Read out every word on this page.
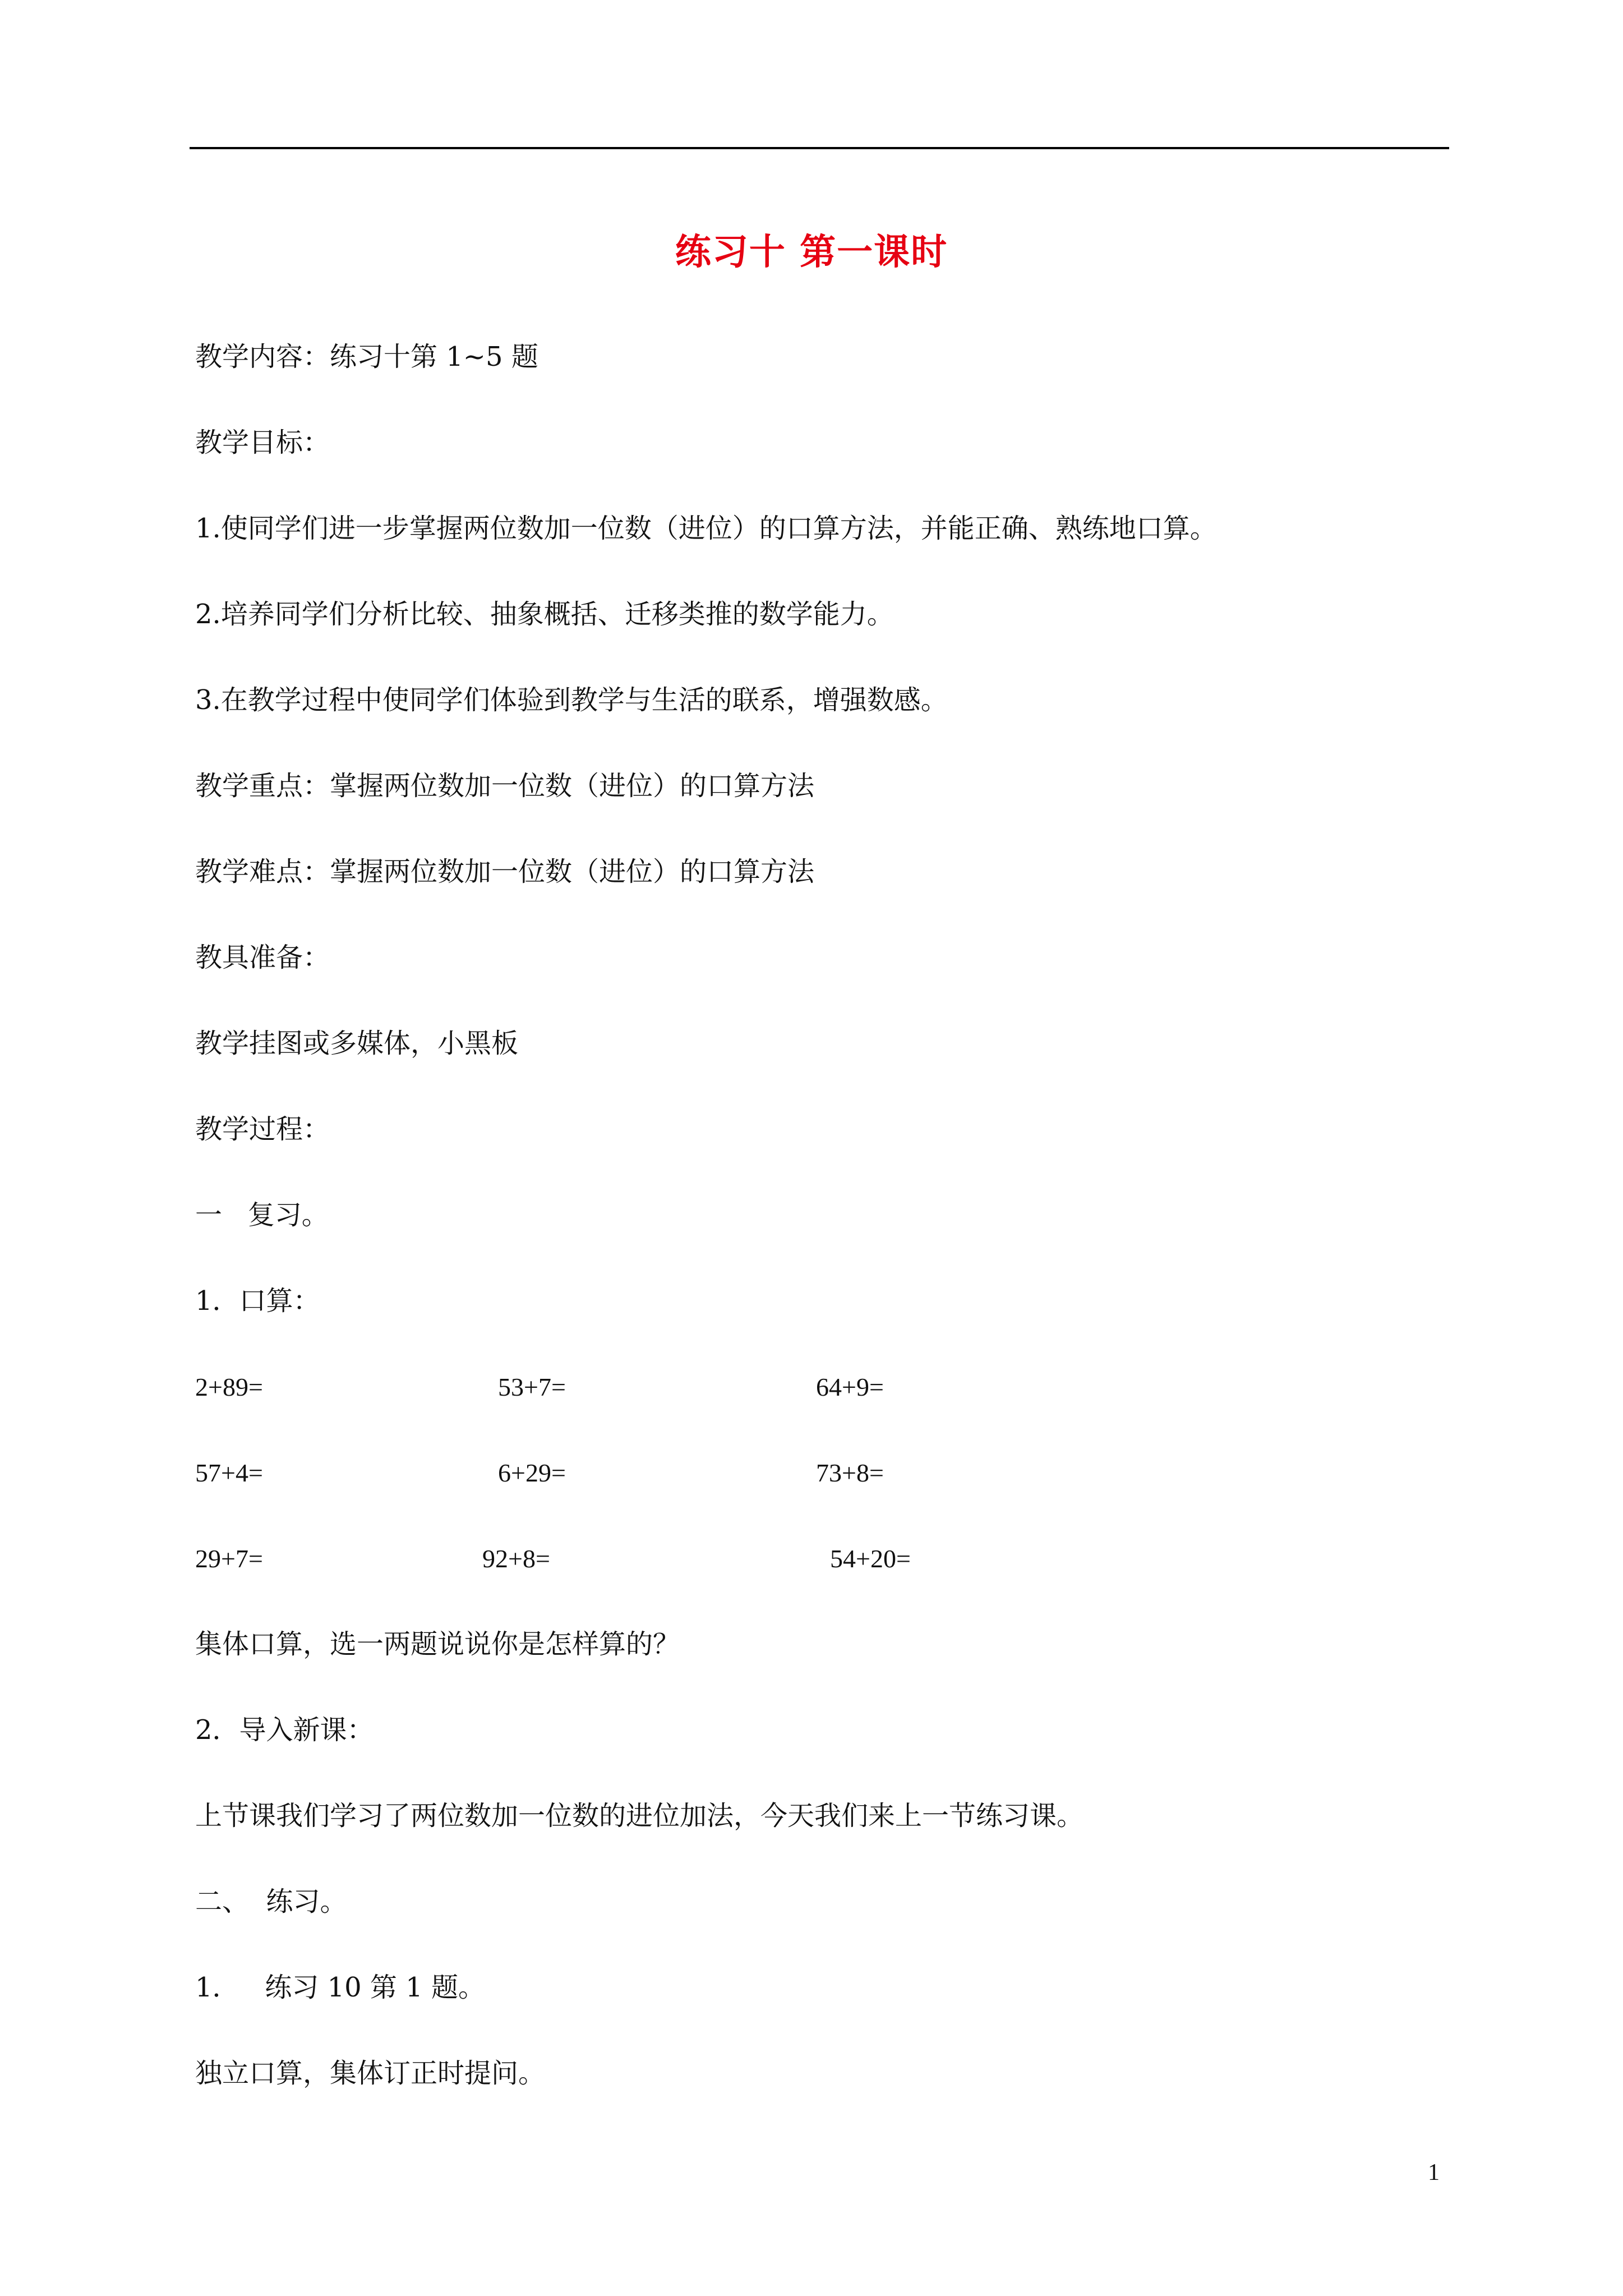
练习十 第一课时
教学内容：练习十第 1~5 题
教学目标：
1.使同学们进一步掌握两位数加一位数（进位）的口算方法，并能正确、熟练地口算。
2.培养同学们分析比较、抽象概括、迁移类推的数学能力。
3.在教学过程中使同学们体验到教学与生活的联系，增强数感。
教学重点：掌握两位数加一位数（进位）的口算方法
教学难点：掌握两位数加一位数（进位）的口算方法
教具准备：
教学挂图或多媒体，小黑板
教学过程：
一   复习。
1．口算：
2+89=	53+7=	64+9=
57+4=	6+29=	73+8=
29+7=	92+8=	54+20=
集体口算，选一两题说说你是怎样算的？
2．导入新课：
上节课我们学习了两位数加一位数的进位加法，今天我们来上一节练习课。
二、  练习。
1．   练习 10 第 1 题。
独立口算，集体订正时提问。
1
